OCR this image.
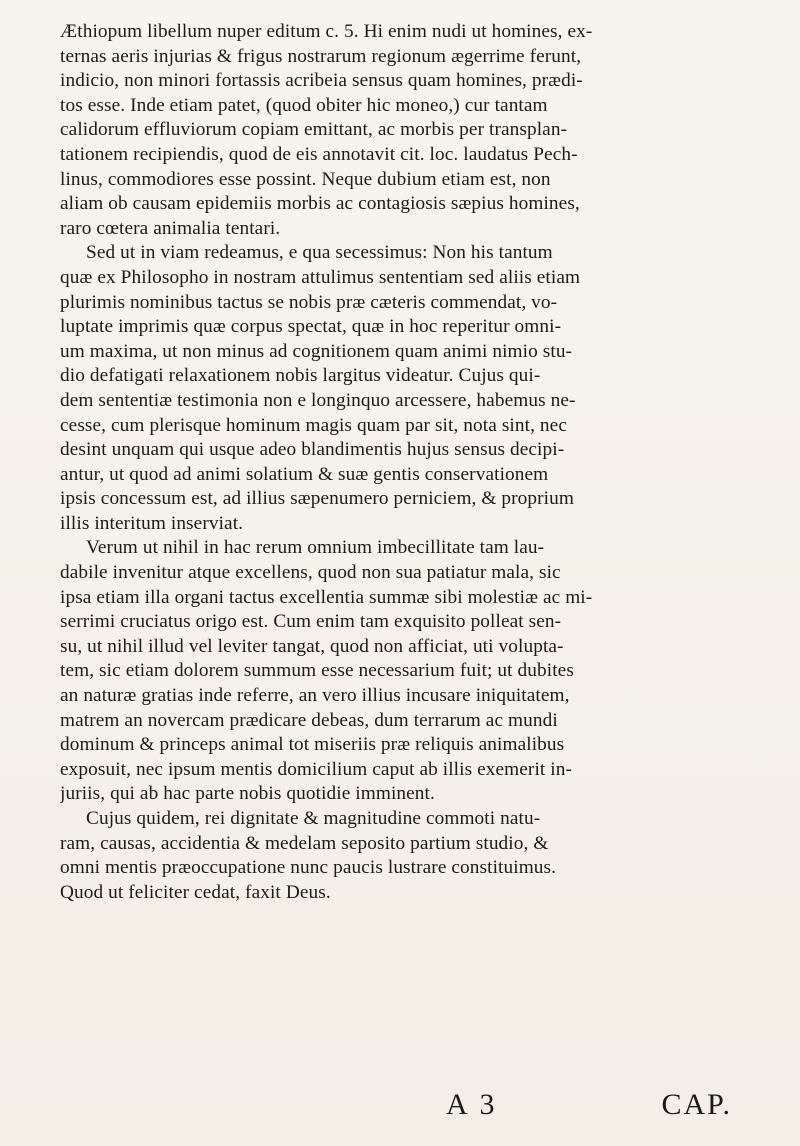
Æthiopum libellum nuper editum c. 5. Hi enim nudi ut homines, ex-
ternas aeris injurias & frigus nostrarum regionum ægerrime ferunt,
indicio, non minori fortassis acribeia sensus quam homines, prædi-
tos esse. Inde etiam patet, (quod obiter hic moneo,) cur tantam
calidorum effluviorum copiam emittant, ac morbis per transplan-
tationem recipiendis, quod de eis annotavit cit. loc. laudatus Pech-
linus, commodiores esse possint. Neque dubium etiam est, non
aliam ob causam epidemiis morbis ac contagiosis sæpius homines,
raro cœtera animalia tentari.
Sed ut in viam redeamus, e qua secessimus: Non his tantum
quæ ex Philosopho in nostram attulimus sententiam sed aliis etiam
plurimis nominibus tactus se nobis præ cæteris commendat, vo-
luptate imprimis quæ corpus spectat, quæ in hoc reperitur omni-
um maxima, ut non minus ad cognitionem quam animi nimio stu-
dio defatigati relaxationem nobis largitus videatur. Cujus qui-
dem sententiæ testimonia non e longinquo arcessere, habemus ne-
cesse, cum plerisque hominum magis quam par sit, nota sint, nec
desint unquam qui usque adeo blandimentis hujus sensus decipi-
antur, ut quod ad animi solatium & suæ gentis conservationem
ipsis concessum est, ad illius sæpenumero perniciem, & proprium
illis interitum inserviat.
Verum ut nihil in hac rerum omnium imbecillitate tam lau-
dabile invenitur atque excellens, quod non sua patiatur mala, sic
ipsa etiam illa organi tactus excellentia summæ sibi molestiæ ac mi-
serrimi cruciatus origo est. Cum enim tam exquisito polleat sen-
su, ut nihil illud vel leviter tangat, quod non afficiat, uti volupta-
tem, sic etiam dolorem summum esse necessarium fuit; ut dubites
an naturæ gratias inde referre, an vero illius incusare iniquitatem,
matrem an novercam prædicare debeas, dum terrarum ac mundi
dominum & princeps animal tot miseriis præ reliquis animalibus
exposuit, nec ipsum mentis domicilium caput ab illis exemerit in-
juriis, qui ab hac parte nobis quotidie imminent.
Cujus quidem, rei dignitate & magnitudine commoti natu-
ram, causas, accidentia & medelam seposito partium studio, &
omni mentis præoccupatione nunc paucis lustrare constituimus.
Quod ut feliciter cedat, faxit Deus.
A 3	CAP.
